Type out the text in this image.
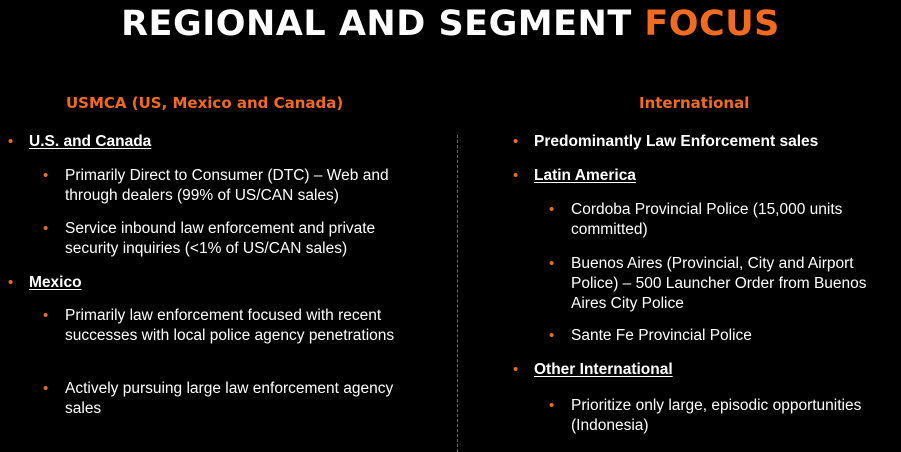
REGIONAL AND SEGMENT FOCUS
USMCA (US, Mexico and Canada)
• U.S. and Canada
• Primarily Direct to Consumer (DTC) – Web and through dealers (99% of US/CAN sales)
• Service inbound law enforcement and private security inquiries (<1% of US/CAN sales)
• Mexico
• Primarily law enforcement focused with recent successes with local police agency penetrations
• Actively pursuing large law enforcement agency sales
International
• Predominantly Law Enforcement sales
• Latin America
• Cordoba Provincial Police (15,000 units committed)
• Buenos Aires (Provincial, City and Airport Police) – 500 Launcher Order from Buenos Aires City Police
• Sante Fe Provincial Police
• Other International
• Prioritize only large, episodic opportunities (Indonesia)
